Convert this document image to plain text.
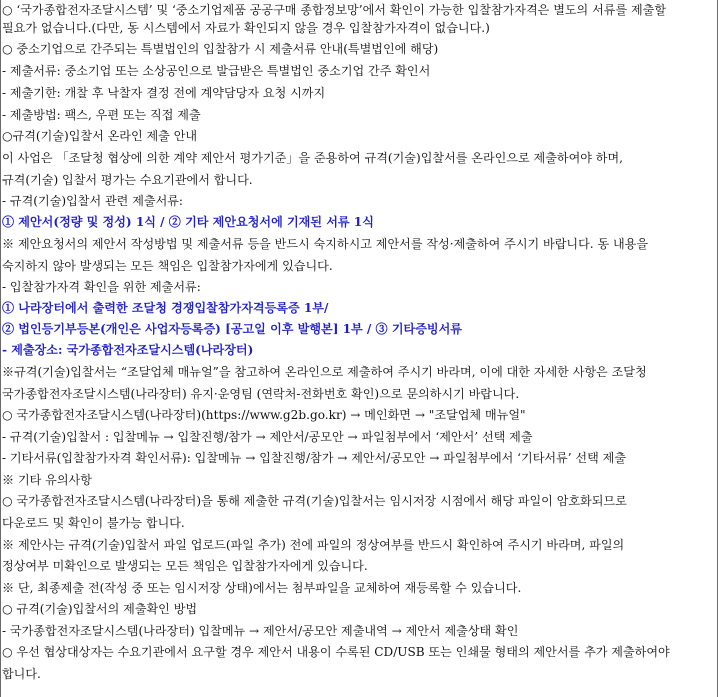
○ ‘국가종합전자조달시스템’ 및 ‘중소기업제품 공공구매 종합정보망’에서 확인이 가능한 입찰참가자격은 별도의 서류를 제출할
필요가 없습니다.(다만, 동 시스템에서 자료가 확인되지 않을 경우 입찰참가자격이 없습니다.)
○ 중소기업으로 간주되는 특별법인의 입찰참가 시 제출서류 안내(특별법인에 해당)
- 제출서류: 중소기업 또는 소상공인으로 발급받은 특별법인 중소기업 간주 확인서
- 제출기한: 개찰 후 낙찰자 결정 전에 계약담당자 요청 시까지
- 제출방법: 팩스, 우편 또는 직접 제출
○규격(기술)입찰서 온라인 제출 안내
이 사업은 「조달청 협상에 의한 계약 제안서 평가기준」을 준용하여 규격(기술)입찰서를 온라인으로 제출하여야 하며,
규격(기술) 입찰서 평가는 수요기관에서 합니다.
- 규격(기술)입찰서 관련 제출서류:
① 제안서(정량 및 정성) 1식 / ② 기타 제안요청서에 기재된 서류 1식
※ 제안요청서의 제안서 작성방법 및 제출서류 등을 반드시 숙지하시고 제안서를 작성·제출하여 주시기 바랍니다. 동 내용을
숙지하지 않아 발생되는 모든 책임은 입찰참가자에게 있습니다.
- 입찰참가자격 확인을 위한 제출서류:
① 나라장터에서 출력한 조달청 경쟁입찰참가자격등록증 1부/
② 법인등기부등본(개인은 사업자등록증) [공고일 이후 발행본] 1부 / ③ 기타증빙서류
- 제출장소: 국가종합전자조달시스템(나라장터)
※규격(기술)입찰서는 “조달업체 매뉴얼”을 참고하여 온라인으로 제출하여 주시기 바라며, 이에 대한 자세한 사항은 조달청
국가종합전자조달시스템(나라장터) 유지·운영팀 (연락처-전화번호 확인)으로 문의하시기 바랍니다.
○ 국가종합전자조달시스템(나라장터)(https://www.g2b.go.kr) → 메인화면 → "조달업체 매뉴얼"
- 규격(기술)입찰서 : 입찰메뉴 → 입찰진행/참가 → 제안서/공모안 → 파일첨부에서 ‘제안서’ 선택 제출
- 기타서류(입찰참가자격 확인서류): 입찰메뉴 → 입찰진행/참가 → 제안서/공모안 → 파일첨부에서 ‘기타서류’ 선택 제출
※ 기타 유의사항
○ 국가종합전자조달시스템(나라장터)을 통해 제출한 규격(기술)입찰서는 임시저장 시점에서 해당 파일이 암호화되므로
다운로드 및 확인이 불가능 합니다.
※ 제안사는 규격(기술)입찰서 파일 업로드(파일 추가) 전에 파일의 정상여부를 반드시 확인하여 주시기 바라며, 파일의
정상여부 미확인으로 발생되는 모든 책임은 입찰참가자에게 있습니다.
※ 단, 최종제출 전(작성 중 또는 임시저장 상태)에서는 첨부파일을 교체하여 재등록할 수 있습니다.
○ 규격(기술)입찰서의 제출확인 방법
- 국가종합전자조달시스템(나라장터) 입찰메뉴 → 제안서/공모안 제출내역 → 제안서 제출상태 확인
○ 우선 협상대상자는 수요기관에서 요구할 경우 제안서 내용이 수록된 CD/USB 또는 인쇄물 형태의 제안서를 추가 제출하여야
합니다.
